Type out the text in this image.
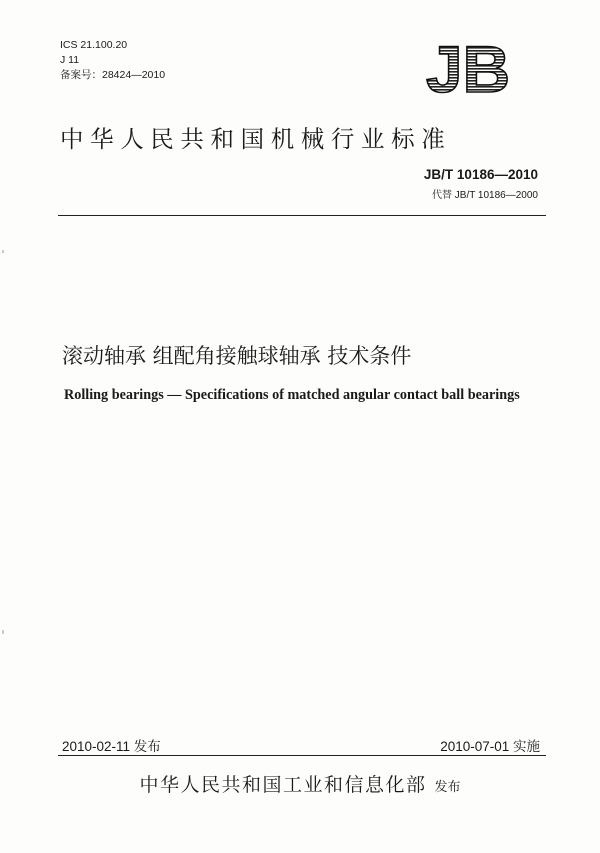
ICS 21.100.20
J 11
备案号：28424—2010	JB
中华人民共和国机械行业标准
JB/T 10186—2010
代替 JB/T 10186—2000
滚动轴承 组配角接触球轴承 技术条件
Rolling bearings — Specifications of matched angular contact ball bearings
2010-02-11 发布	2010-07-01 实施
中华人民共和国工业和信息化部 发布
